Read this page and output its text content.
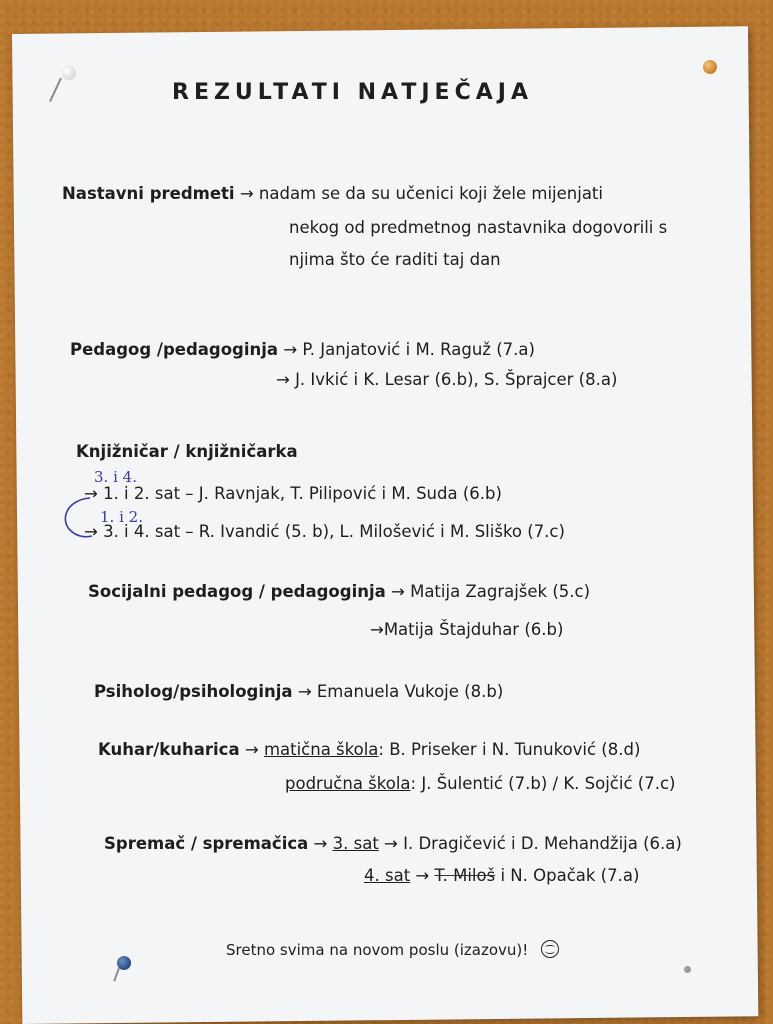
REZULTATI NATJEČAJA
Nastavni predmeti → nadam se da su učenici koji žele mijenjati
nekog od predmetnog nastavnika dogovorili s
njima što će raditi taj dan
Pedagog /pedagoginja → P. Janjatović i M. Raguž (7.a)
→ J. Ivkić i K. Lesar (6.b), S. Šprajcer (8.a)
Knjižničar / knjižničarka
3. i 4.
→ 1. i 2. sat – J. Ravnjak, T. Pilipović i M. Suda (6.b)
1. i 2.
→ 3. i 4. sat – R. Ivandić (5. b), L. Milošević i M. Sliško (7.c)
Socijalni pedagog / pedagoginja → Matija Zagrajšek (5.c)
→Matija Štajduhar (6.b)
Psiholog/psihologinja → Emanuela Vukoje (8.b)
Kuhar/kuharica → matična škola: B. Priseker i N. Tunuković (8.d)
područna škola: J. Šulentić (7.b) / K. Sojčić (7.c)
Spremač / spremačica → 3. sat → I. Dragičević i D. Mehandžija (6.a)
4. sat → T. Miloš i N. Opačak (7.a)
Sretno svima na novom poslu (izazovu)!
